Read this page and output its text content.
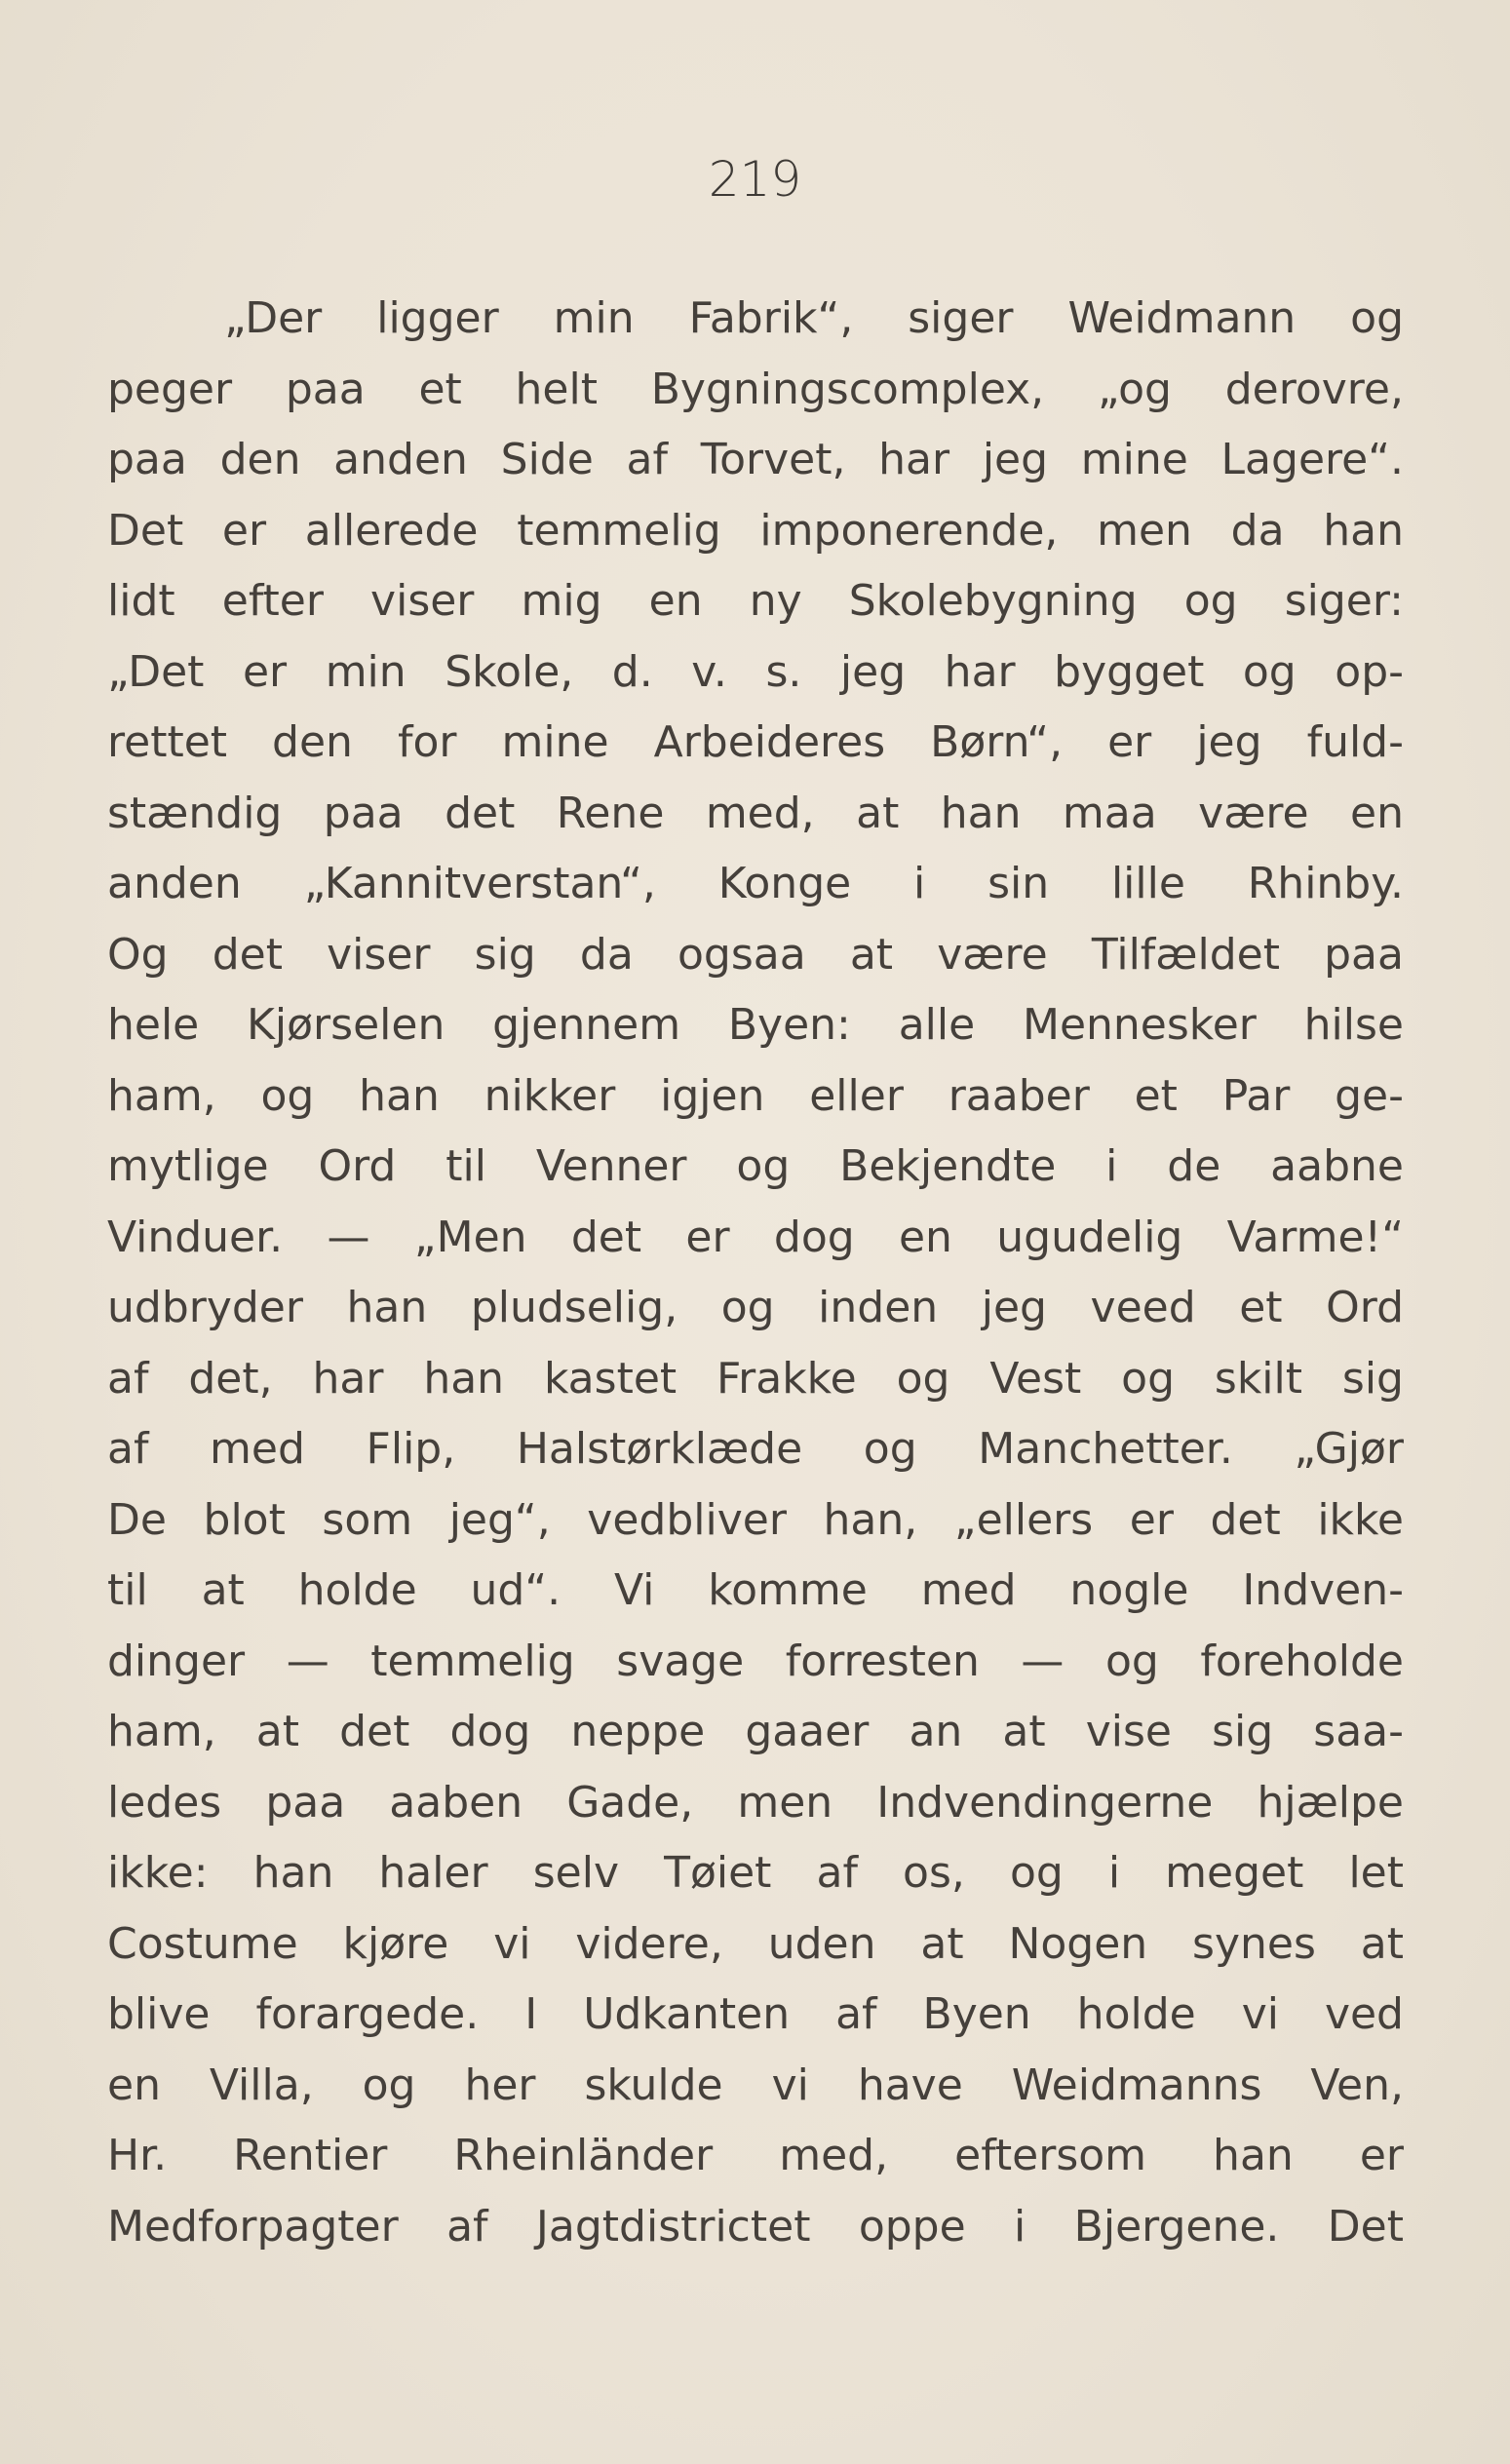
219
„Der ligger min Fabrik“, siger Weidmann og
peger paa et helt Bygningscomplex, „og derovre,
paa den anden Side af Torvet, har jeg mine Lagere“.
Det er allerede temmelig imponerende, men da han
lidt efter viser mig en ny Skolebygning og siger:
„Det er min Skole, d. v. s. jeg har bygget og op-
rettet den for mine Arbeideres Børn“, er jeg fuld-
stændig paa det Rene med, at han maa være en
anden „Kannitverstan“, Konge i sin lille Rhinby.
Og det viser sig da ogsaa at være Tilfældet paa
hele Kjørselen gjennem Byen: alle Mennesker hilse
ham, og han nikker igjen eller raaber et Par ge-
mytlige Ord til Venner og Bekjendte i de aabne
Vinduer. — „Men det er dog en ugudelig Varme!“
udbryder han pludselig, og inden jeg veed et Ord
af det, har han kastet Frakke og Vest og skilt sig
af med Flip, Halstørklæde og Manchetter. „Gjør
De blot som jeg“, vedbliver han, „ellers er det ikke
til at holde ud“. Vi komme med nogle Indven-
dinger — temmelig svage forresten — og foreholde
ham, at det dog neppe gaaer an at vise sig saa-
ledes paa aaben Gade, men Indvendingerne hjælpe
ikke: han haler selv Tøiet af os, og i meget let
Costume kjøre vi videre, uden at Nogen synes at
blive forargede. I Udkanten af Byen holde vi ved
en Villa, og her skulde vi have Weidmanns Ven,
Hr. Rentier Rheinländer med, eftersom han er
Medforpagter af Jagtdistrictet oppe i Bjergene. Det
